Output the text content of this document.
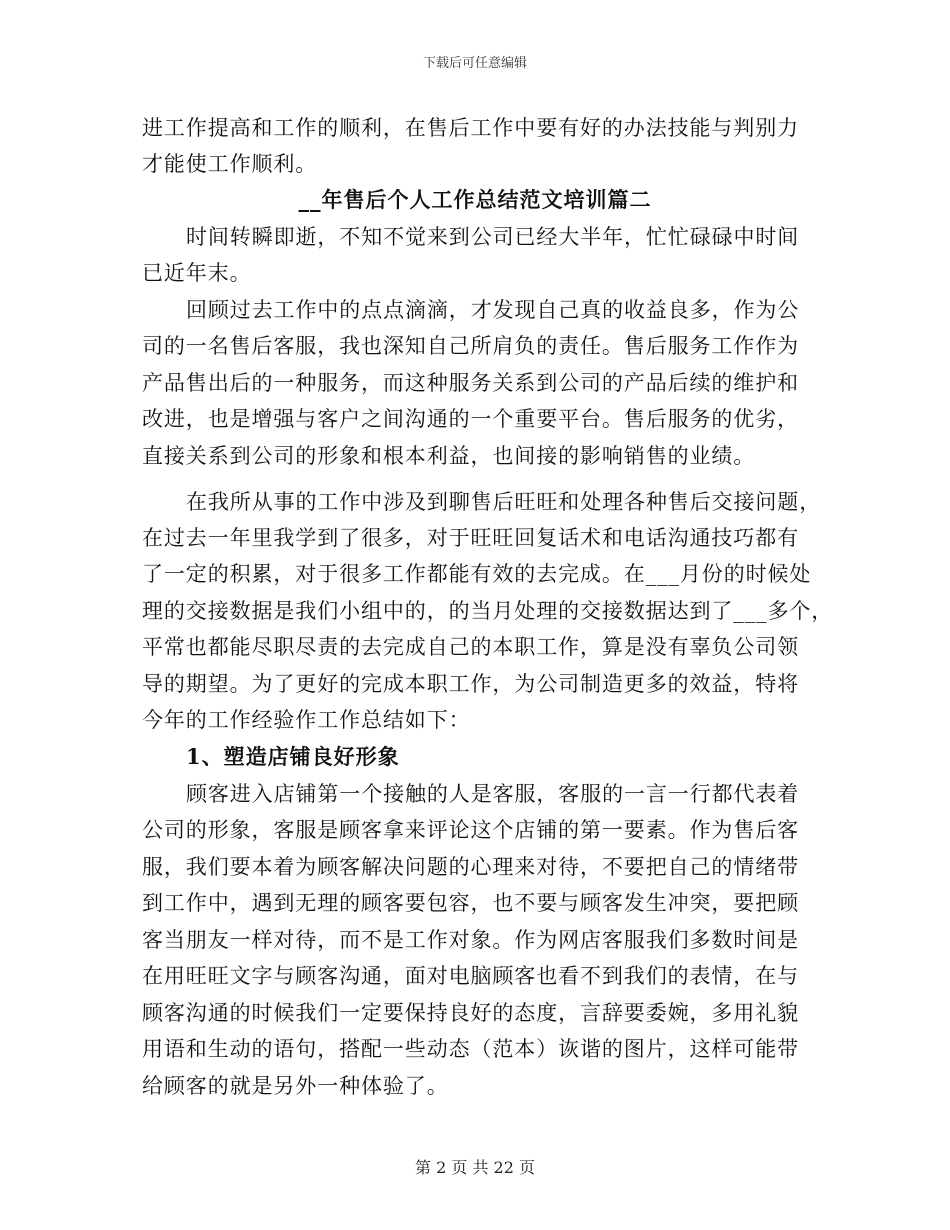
下载后可任意编辑
进工作提高和工作的顺利，在售后工作中要有好的办法技能与判别力
才能使工作顺利。
__年售后个人工作总结范文培训篇二
时间转瞬即逝，不知不觉来到公司已经大半年，忙忙碌碌中时间
已近年末。
回顾过去工作中的点点滴滴，才发现自己真的收益良多，作为公
司的一名售后客服，我也深知自己所肩负的责任。售后服务工作作为
产品售出后的一种服务，而这种服务关系到公司的产品后续的维护和
改进，也是增强与客户之间沟通的一个重要平台。售后服务的优劣，
直接关系到公司的形象和根本利益，也间接的影响销售的业绩。
在我所从事的工作中涉及到聊售后旺旺和处理各种售后交接问题，
在过去一年里我学到了很多，对于旺旺回复话术和电话沟通技巧都有
了一定的积累，对于很多工作都能有效的去完成。在___月份的时候处
理的交接数据是我们小组中的，的当月处理的交接数据达到了___多个，
平常也都能尽职尽责的去完成自己的本职工作，算是没有辜负公司领
导的期望。为了更好的完成本职工作，为公司制造更多的效益，特将
今年的工作经验作工作总结如下：
1、塑造店铺良好形象
顾客进入店铺第一个接触的人是客服，客服的一言一行都代表着
公司的形象，客服是顾客拿来评论这个店铺的第一要素。作为售后客
服，我们要本着为顾客解决问题的心理来对待，不要把自己的情绪带
到工作中，遇到无理的顾客要包容，也不要与顾客发生冲突，要把顾
客当朋友一样对待，而不是工作对象。作为网店客服我们多数时间是
在用旺旺文字与顾客沟通，面对电脑顾客也看不到我们的表情，在与
顾客沟通的时候我们一定要保持良好的态度，言辞要委婉，多用礼貌
用语和生动的语句，搭配一些动态（范本）诙谐的图片，这样可能带
给顾客的就是另外一种体验了。
第 2 页 共 22 页
